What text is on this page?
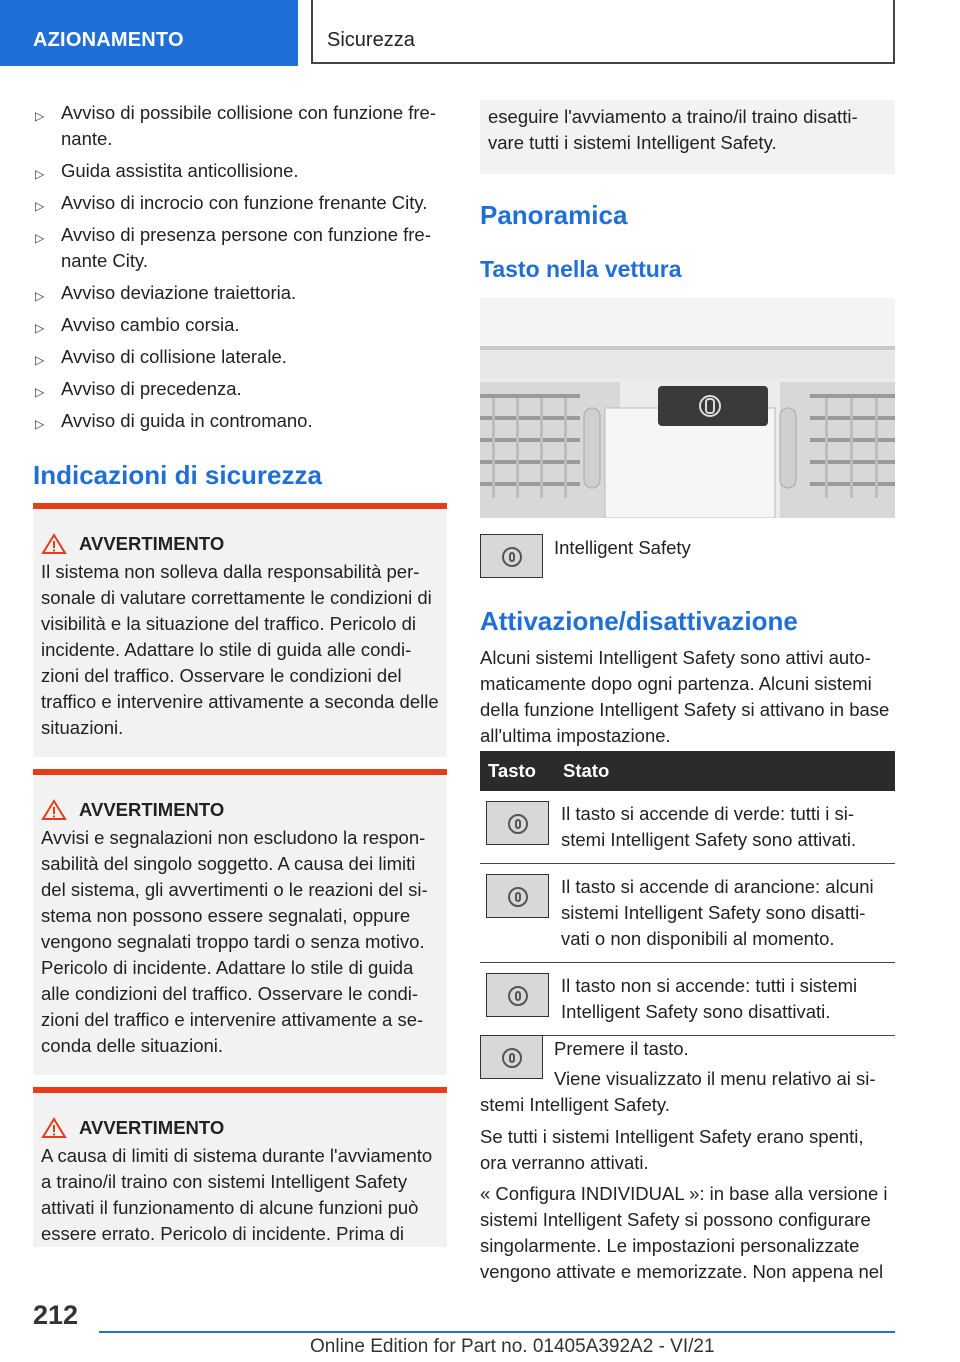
AZIONAMENTO	Sicurezza
▷ Avviso di possibile collisione con funzione fre-nante.
▷ Guida assistita anticollisione.
▷ Avviso di incrocio con funzione frenante City.
▷ Avviso di presenza persone con funzione fre-nante City.
▷ Avviso deviazione traiettoria.
▷ Avviso cambio corsia.
▷ Avviso di collisione laterale.
▷ Avviso di precedenza.
▷ Avviso di guida in contromano.
Indicazioni di sicurezza
AVVERTIMENTO
Il sistema non solleva dalla responsabilità per-sonale di valutare correttamente le condizioni di visibilità e la situazione del traffico. Pericolo di incidente. Adattare lo stile di guida alle condi-zioni del traffico. Osservare le condizioni del traffico e intervenire attivamente a seconda delle situazioni.
AVVERTIMENTO
Avvisi e segnalazioni non escludono la respon-sabilità del singolo soggetto. A causa dei limiti del sistema, gli avvertimenti o le reazioni del si-stema non possono essere segnalati, oppure vengono segnalati troppo tardi o senza motivo. Pericolo di incidente. Adattare lo stile di guida alle condizioni del traffico. Osservare le condi-zioni del traffico e intervenire attivamente a se-conda delle situazioni.
AVVERTIMENTO
A causa di limiti di sistema durante l'avviamento a traino/il traino con sistemi Intelligent Safety attivati il funzionamento di alcune funzioni può essere errato. Pericolo di incidente. Prima di
eseguire l'avviamento a traino/il traino disatti-vare tutti i sistemi Intelligent Safety.
Panoramica
Tasto nella vettura
Intelligent Safety
Attivazione/disattivazione
Alcuni sistemi Intelligent Safety sono attivi auto-maticamente dopo ogni partenza. Alcuni sistemi della funzione Intelligent Safety si attivano in base all'ultima impostazione.
Tasto	Stato

	Il tasto si accende di verde: tutti i si-stemi Intelligent Safety sono attivati.

	Il tasto si accende di arancione: alcuni sistemi Intelligent Safety sono disatti-vati o non disponibili al momento.

	Il tasto non si accende: tutti i sistemi Intelligent Safety sono disattivati.
Premere il tasto.
Viene visualizzato il menu relativo ai si-stemi Intelligent Safety.
Se tutti i sistemi Intelligent Safety erano spenti, ora verranno attivati.
« Configura INDIVIDUAL »: in base alla versione i sistemi Intelligent Safety si possono configurare singolarmente. Le impostazioni personalizzate vengono attivate e memorizzate. Non appena nel
212
Online Edition for Part no. 01405A392A2 - VI/21
